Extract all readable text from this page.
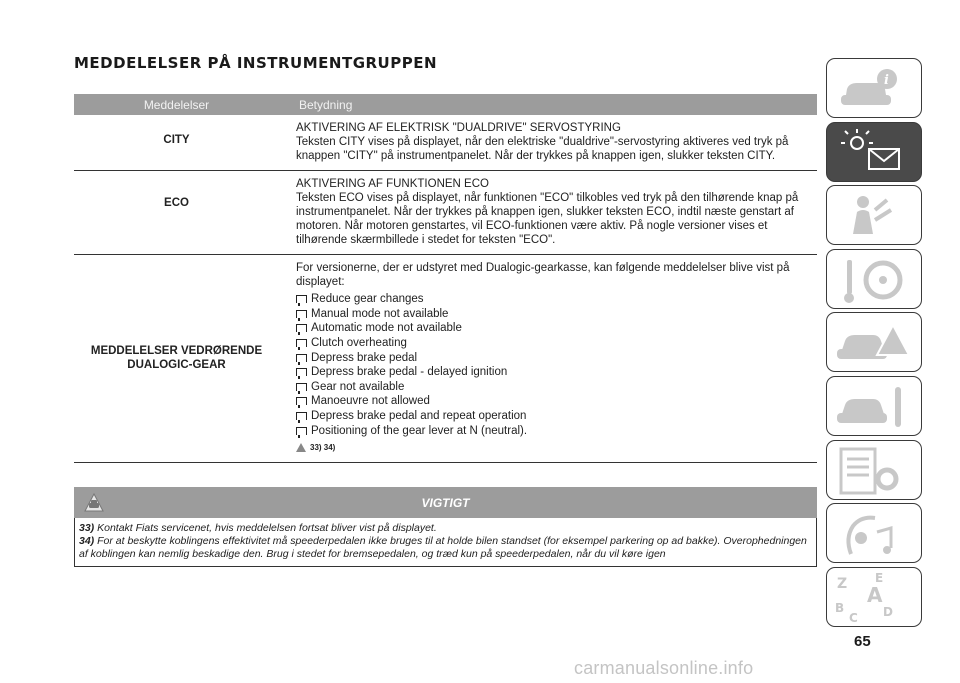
MEDDELELSER PÅ INSTRUMENTGRUPPEN
Meddelelser	Betydning
CITY
AKTIVERING AF ELEKTRISK "DUALDRIVE" SERVOSTYRING
Teksten CITY vises på displayet, når den elektriske "dualdrive"-servostyring aktiveres ved tryk på knappen "CITY" på instrumentpanelet. Når der trykkes på knappen igen, slukker teksten CITY.
ECO
AKTIVERING AF FUNKTIONEN ECO
Teksten ECO vises på displayet, når funktionen "ECO" tilkobles ved tryk på den tilhørende knap på instrumentpanelet. Når der trykkes på knappen igen, slukker teksten ECO, indtil næste genstart af motoren. Når motoren genstartes, vil ECO-funktionen være aktiv. På nogle versioner vises et tilhørende skærmbillede i stedet for teksten "ECO".
MEDDELELSER VEDRØRENDE DUALOGIC-GEAR
For versionerne, der er udstyret med Dualogic-gearkasse, kan følgende meddelelser blive vist på displayet:
Reduce gear changes
Manual mode not available
Automatic mode not available
Clutch overheating
Depress brake pedal
Depress brake pedal - delayed ignition
Gear not available
Manoeuvre not allowed
Depress brake pedal and repeat operation
Positioning of the gear lever at N (neutral).
33) 34)
VIGTIGT
33) Kontakt Fiats servicenet, hvis meddelelsen fortsat bliver vist på displayet.
34) For at beskytte koblingens effektivitet må speederpedalen ikke bruges til at holde bilen standset (for eksempel parkering op ad bakke). Overophedningen af koblingen kan nemlig beskadige den. Brug i stedet for bremsepedalen, og træd kun på speederpedalen, når du vil køre igen
i
Z E
B
A
D
C
65
carmanualsonline.info
